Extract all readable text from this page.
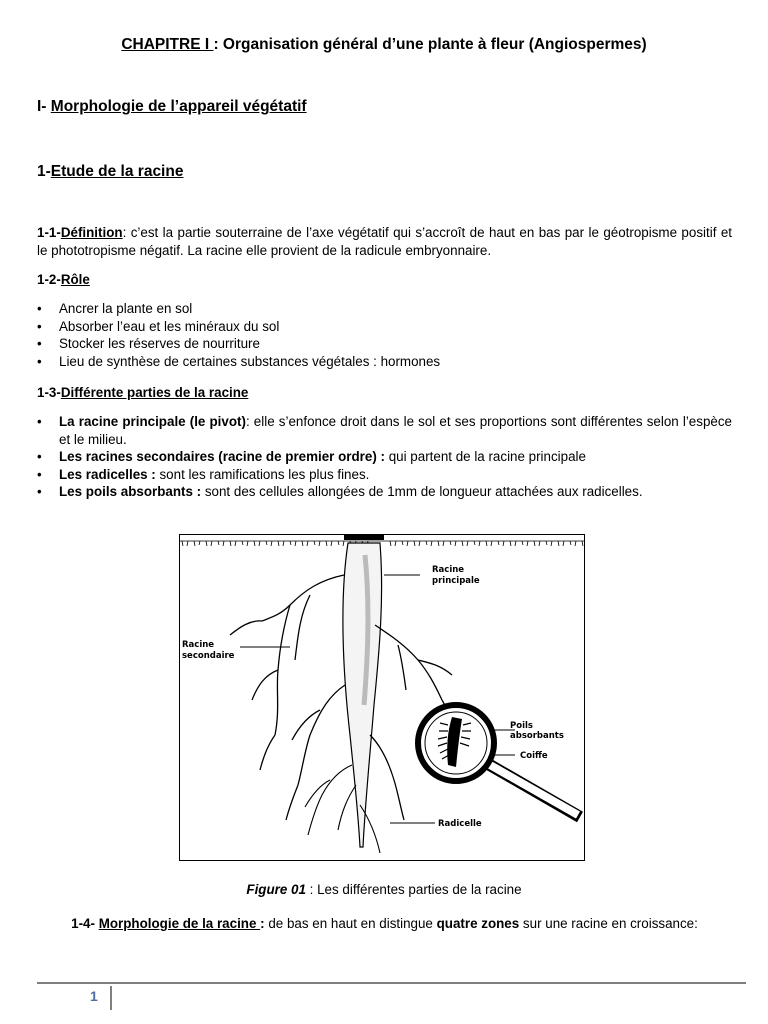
CHAPITRE I : Organisation général d’une plante à fleur (Angiospermes)
I- Morphologie de l’appareil végétatif
1-Etude de la racine
1-1-Définition: c’est la partie souterraine de l’axe végétatif qui s’accroît de haut en bas par le géotropisme positif et le phototropisme négatif. La racine elle provient de la radicule embryonnaire.
1-2-Rôle
• Ancrer la plante en sol
• Absorber l’eau et les minéraux du sol
• Stocker les réserves de nourriture
• Lieu de synthèse de certaines substances végétales : hormones
1-3-Différente parties de la racine
• La racine principale (le pivot): elle s’enfonce droit dans le sol et ses proportions sont différentes selon l’espèce et le milieu.
• Les racines secondaires (racine de premier ordre) : qui partent de la racine principale
• Les radicelles : sont les ramifications les plus fines.
• Les poils absorbants : sont des cellules allongées de 1mm de longueur attachées aux radicelles.
Racine
principale
Racine
secondaire
Poils
absorbants
Coiffe
Radicelle
Figure 01 : Les différentes parties de la racine
1-4- Morphologie de la racine : de bas en haut en distingue quatre zones sur une racine en croissance:
1
